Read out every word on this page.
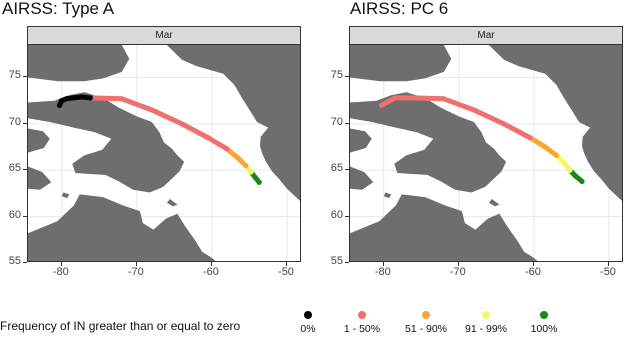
AIRSS: Type A
Mar
55
60
65
70
75
-80	-70	-60	-50
AIRSS: PC 6
Mar
55
60
65
70
75
-80	-70	-60	-50
Frequency of IN greater than or equal to zero	0%	1 - 50%	51 - 90%	91 - 99%	100%
